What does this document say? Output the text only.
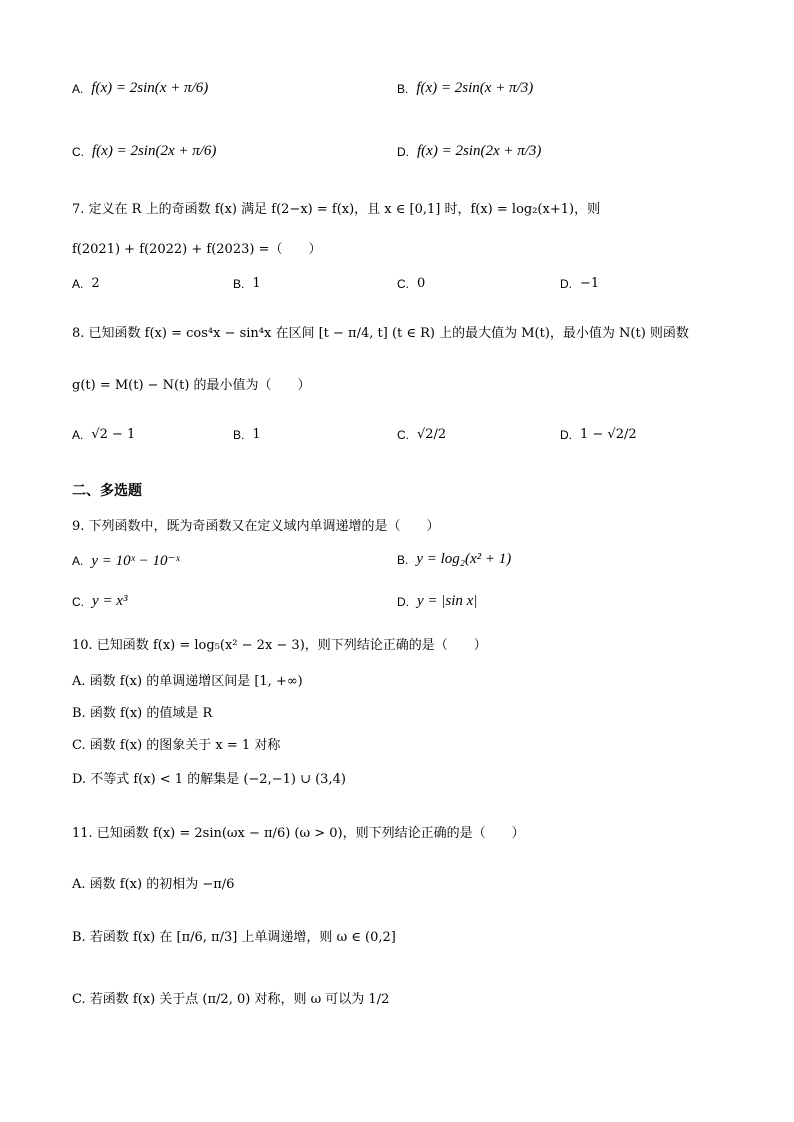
A. f(x) = 2sin(x + π/6)	B. f(x) = 2sin(x + π/3)
C. f(x) = 2sin(2x + π/6)	D. f(x) = 2sin(2x + π/3)
7. 定义在 R 上的奇函数 f(x) 满足 f(2−x) = f(x)，且 x ∈ [0,1] 时，f(x) = log₂(x+1)，则
f(2021) + f(2022) + f(2023) =（　　）
A. 2	B. 1	C. 0	D. −1
8. 已知函数 f(x) = cos⁴x − sin⁴x 在区间 [t − π/4, t] (t ∈ R) 上的最大值为 M(t)，最小值为 N(t) 则函数
g(t) = M(t) − N(t) 的最小值为（　　）
A. √2 − 1	B. 1	C. √2/2	D. 1 − √2/2
二、多选题
9. 下列函数中，既为奇函数又在定义域内单调递增的是（　　）
A. y = 10ˣ − 10⁻ˣ	B. y = log₂(x² + 1)
C. y = x³	D. y = |sin x|
10. 已知函数 f(x) = log₅(x² − 2x − 3)，则下列结论正确的是（　　）
A. 函数 f(x) 的单调递增区间是 [1, +∞)
B. 函数 f(x) 的值域是 R
C. 函数 f(x) 的图象关于 x = 1 对称
D. 不等式 f(x) < 1 的解集是 (−2,−1) ∪ (3,4)
11. 已知函数 f(x) = 2sin(ωx − π/6) (ω > 0)，则下列结论正确的是（　　）
A. 函数 f(x) 的初相为 −π/6
B. 若函数 f(x) 在 [π/6, π/3] 上单调递增，则 ω ∈ (0,2]
C. 若函数 f(x) 关于点 (π/2, 0) 对称，则 ω 可以为 1/2
